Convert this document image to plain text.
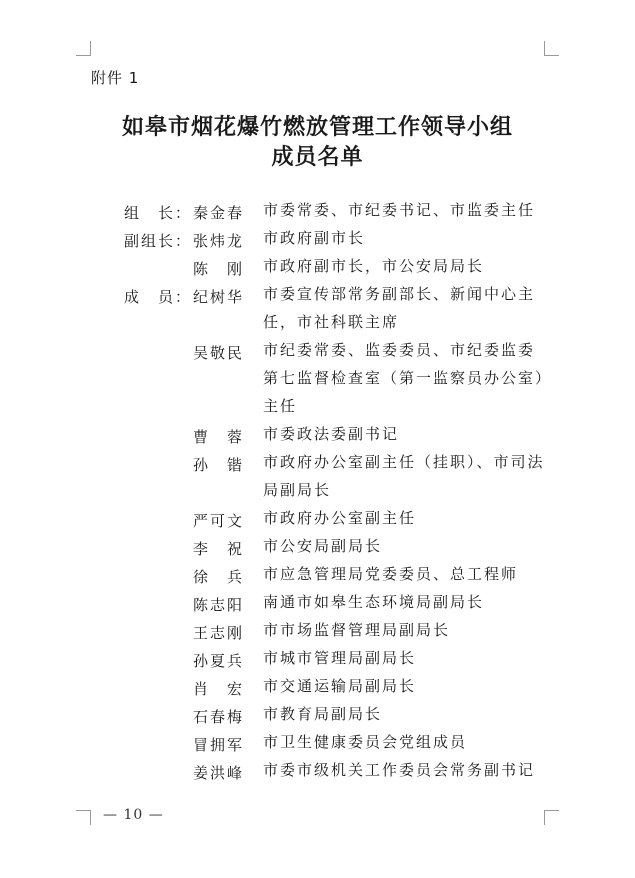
附件 1
如皋市烟花爆竹燃放管理工作领导小组
成员名单
组　长： 秦金春	市委常委、市纪委书记、市监委主任
副组长： 张炜龙	市政府副市长
陈　刚	市政府副市长，市公安局局长
成　员： 纪树华	市委宣传部常务副部长、新闻中心主任，市社科联主席
吴敬民	市纪委常委、监委委员、市纪委监委第七监督检查室（第一监察员办公室）主任
曹　蓉	市委政法委副书记
孙　锴	市政府办公室副主任（挂职）、市司法局副局长
严可文	市政府办公室副主任
李　祝	市公安局副局长
徐　兵	市应急管理局党委委员、总工程师
陈志阳	南通市如皋生态环境局副局长
王志刚	市市场监督管理局副局长
孙夏兵	市城市管理局副局长
肖　宏	市交通运输局副局长
石春梅	市教育局副局长
冒拥军	市卫生健康委员会党组成员
姜洪峰	市委市级机关工作委员会常务副书记
— 10 —
